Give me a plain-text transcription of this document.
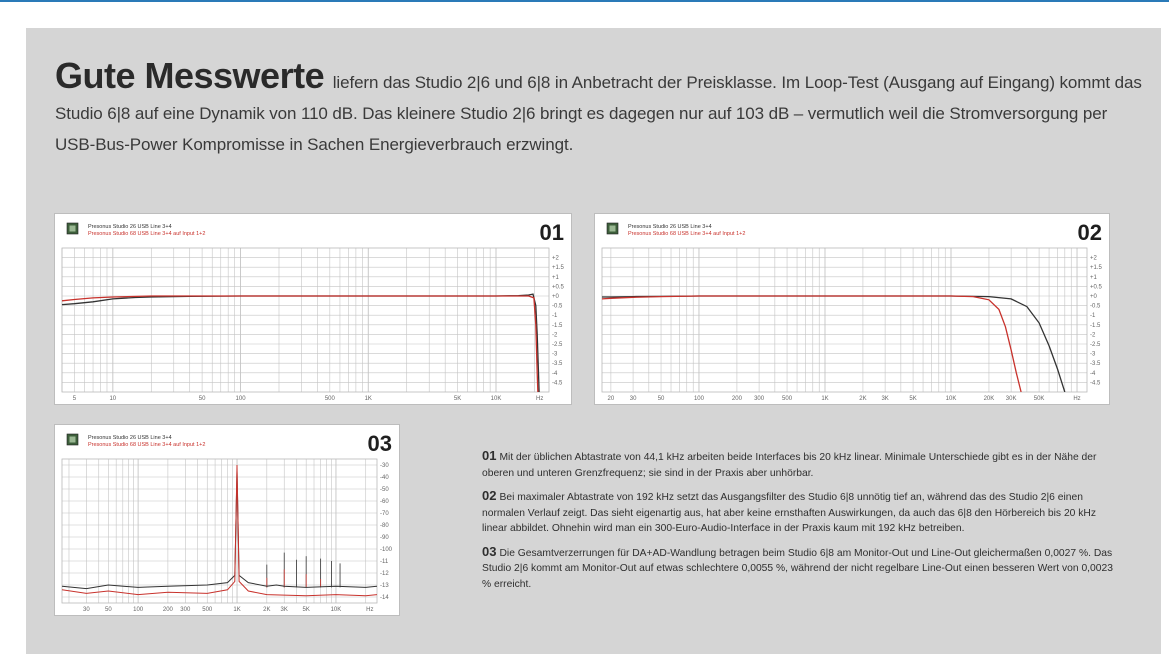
Gute Messwerte liefern das Studio 2|6 und 6|8 in Anbetracht der Preisklasse. Im Loop-Test (Ausgang auf Eingang) kommt das Studio 6|8 auf eine Dynamik von 110 dB. Das kleinere Studio 2|6 bringt es dagegen nur auf 103 dB – vermutlich weil die Stromversorgung per USB-Bus-Power Kompromisse in Sachen Energieverbrauch erzwingt.
5	10	50	100	500	1K	5K	10K	Hz
+2
+1.5
+1
+0.5
+0
-0.5
-1
-1.5
-2
-2.5
-3
-3.5
-4
-4.5
Presonus Studio 26 USB Line 3+4
Presonus Studio 68 USB Line 3+4 auf Input 1+2	01
20	30	50	100	200 300	500	1K	2K 3K	5K	10K	20K 30K	50K	Hz
+2
+1.5
+1
+0.5
+0
-0.5
-1
-1.5
-2
-2.5
-3
-3.5
-4
-4.5
Presonus Studio 26 USB Line 3+4
Presonus Studio 68 USB Line 3+4 auf Input 1+2	02
30	50	100	200 300 500	1K	2K 3K 5K	10K	Hz
-30
-40
-50
-60
-70
-80
-90
-100
-11
-12
-13
-14
Presonus Studio 26 USB Line 3+4
Presonus Studio 68 USB Line 3+4 auf Input 1+2	03	01 Mit der üblichen Abtastrate von 44,1 kHz arbeiten beide Interfaces bis 20 kHz linear. Minimale Unterschiede gibt es in der Nähe der oberen und unteren Grenzfrequenz; sie sind in der Praxis aber unhörbar.

02 Bei maximaler Abtastrate von 192 kHz setzt das Ausgangsfilter des Studio 6|8 unnötig tief an, während das des Studio 2|6 einen normalen Verlauf zeigt. Das sieht eigenartig aus, hat aber keine ernsthaften Auswirkungen, da auch das 6|8 den Hörbereich bis 20 kHz linear abbildet. Ohnehin wird man ein 300-Euro-Audio-Interface in der Praxis kaum mit 192 kHz betreiben.

03 Die Gesamtverzerrungen für DA+AD-Wandlung betragen beim Studio 6|8 am Monitor-Out und Line-Out gleichermaßen 0,0027 %. Das Studio 2|6 kommt am Monitor-Out auf etwas schlechtere 0,0055 %, während der nicht regelbare Line-Out einen besseren Wert von 0,0023 % erreicht.
